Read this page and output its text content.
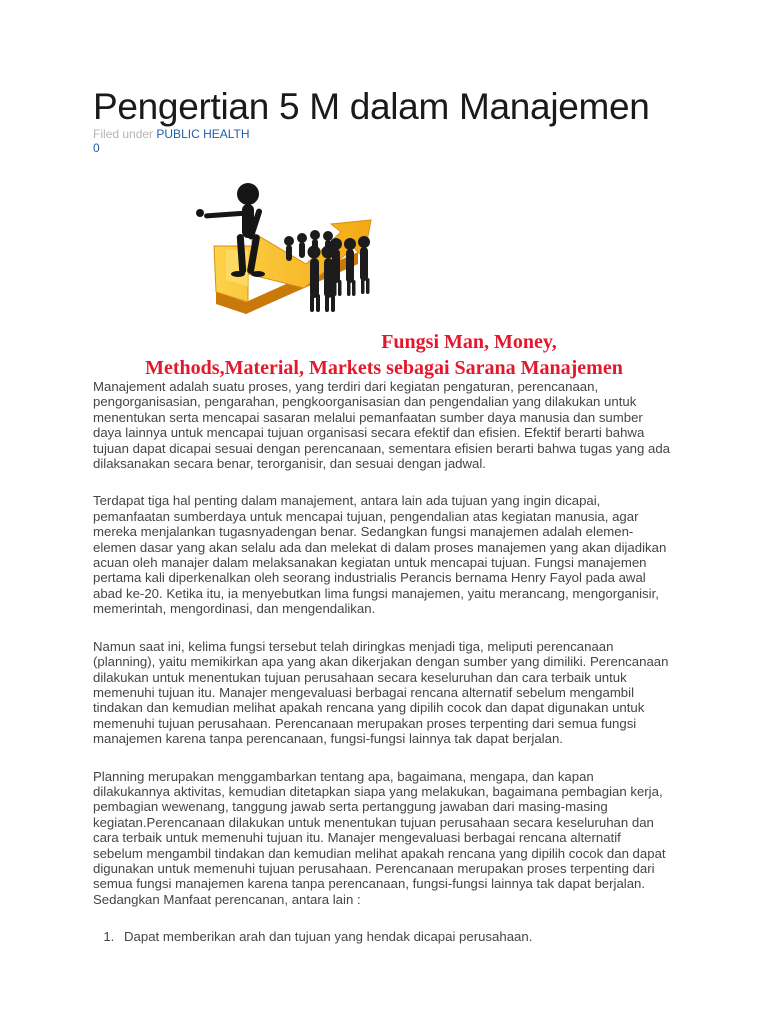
Pengertian 5 M dalam Manajemen
Filed under PUBLIC HEALTH
0
Fungsi Man, Money,
Methods,Material, Markets sebagai Sarana Manajemen

Manajement adalah suatu proses, yang terdiri dari kegiatan pengaturan, perencanaan, pengorganisasian, pengarahan, pengkoorganisasian dan pengendalian yang dilakukan untuk menentukan serta mencapai sasaran melalui pemanfaatan sumber daya manusia dan sumber daya lainnya untuk mencapai tujuan organisasi secara efektif dan efisien. Efektif berarti bahwa tujuan dapat dicapai sesuai dengan perencanaan, sementara efisien berarti bahwa tugas yang ada dilaksanakan secara benar, terorganisir, dan sesuai dengan jadwal.

Terdapat tiga hal penting dalam manajement, antara lain ada tujuan yang ingin dicapai, pemanfaatan sumberdaya untuk mencapai tujuan, pengendalian atas kegiatan manusia, agar mereka menjalankan tugasnyadengan benar. Sedangkan fungsi manajemen adalah elemen-elemen dasar yang akan selalu ada dan melekat di dalam proses manajemen yang akan dijadikan acuan oleh manajer dalam melaksanakan kegiatan untuk mencapai tujuan. Fungsi manajemen pertama kali diperkenalkan oleh seorang industrialis Perancis bernama Henry Fayol pada awal abad ke-20. Ketika itu, ia menyebutkan lima fungsi manajemen, yaitu merancang, mengorganisir, memerintah, mengordinasi, dan mengendalikan.

Namun saat ini, kelima fungsi tersebut telah diringkas menjadi tiga, meliputi perencanaan (planning), yaitu memikirkan apa yang akan dikerjakan dengan sumber yang dimiliki. Perencanaan dilakukan untuk menentukan tujuan perusahaan secara keseluruhan dan cara terbaik untuk memenuhi tujuan itu. Manajer mengevaluasi berbagai rencana alternatif sebelum mengambil tindakan dan kemudian melihat apakah rencana yang dipilih cocok dan dapat digunakan untuk memenuhi tujuan perusahaan. Perencanaan merupakan proses terpenting dari semua fungsi manajemen karena tanpa perencanaan, fungsi-fungsi lainnya tak dapat berjalan.

Planning merupakan menggambarkan tentang apa, bagaimana, mengapa, dan kapan dilakukannya aktivitas, kemudian ditetapkan siapa yang melakukan, bagaimana pembagian kerja, pembagian wewenang, tanggung jawab serta pertanggung jawaban dari masing-masing kegiatan.Perencanaan dilakukan untuk menentukan tujuan perusahaan secara keseluruhan dan cara terbaik untuk memenuhi tujuan itu. Manajer mengevaluasi berbagai rencana alternatif sebelum mengambil tindakan dan kemudian melihat apakah rencana yang dipilih cocok dan dapat digunakan untuk memenuhi tujuan perusahaan. Perencanaan merupakan proses terpenting dari semua fungsi manajemen karena tanpa perencanaan, fungsi-fungsi lainnya tak dapat berjalan. Sedangkan Manfaat perencanan, antara lain :

1. Dapat memberikan arah dan tujuan yang hendak dicapai perusahaan.
